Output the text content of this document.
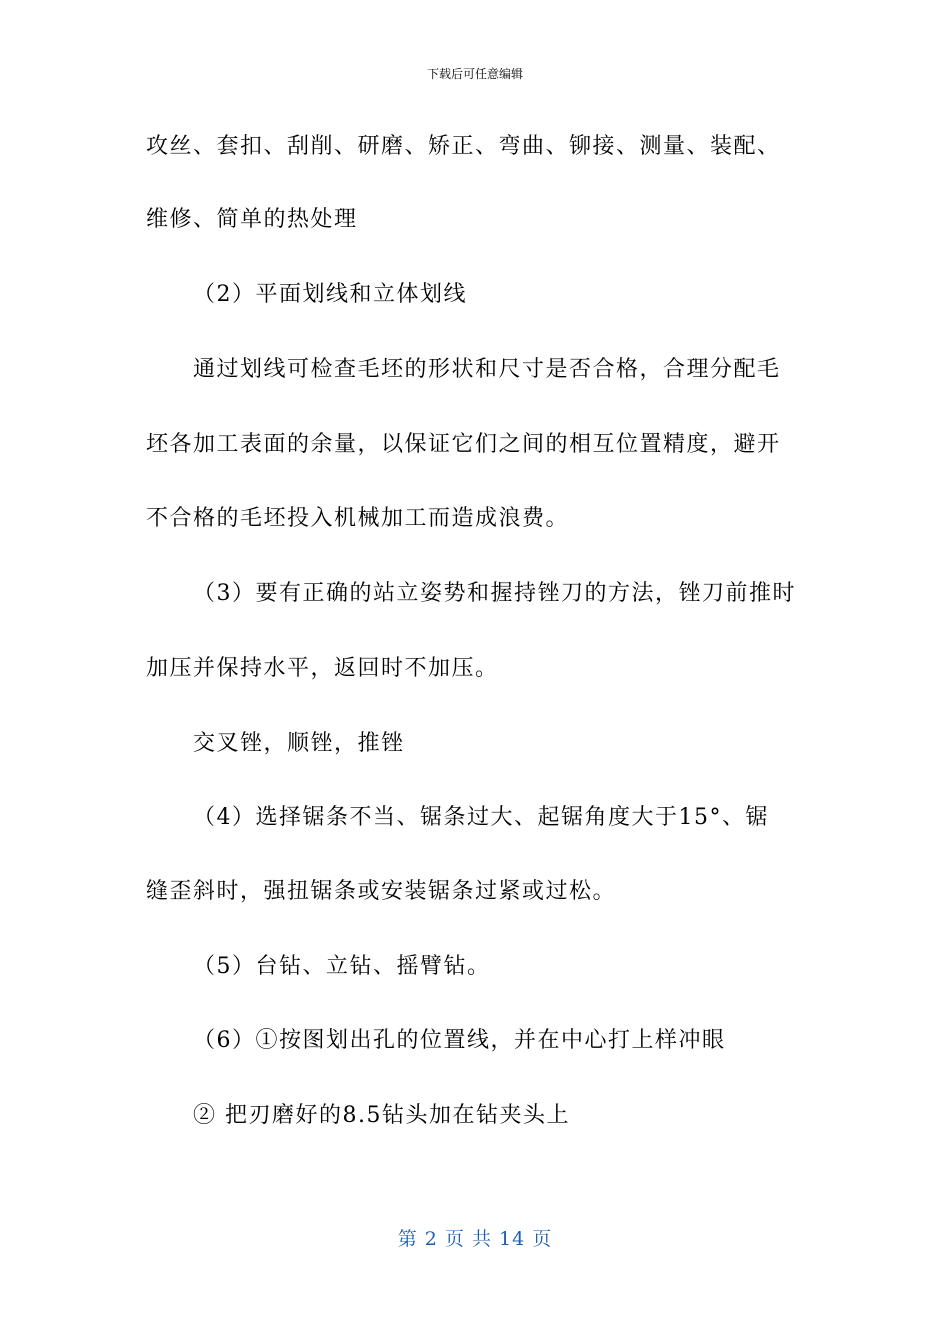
下载后可任意编辑
攻丝、套扣、刮削、研磨、矫正、弯曲、铆接、测量、装配、
维修、简单的热处理
（2）平面划线和立体划线
通过划线可检查毛坯的形状和尺寸是否合格，合理分配毛
坯各加工表面的余量，以保证它们之间的相互位置精度，避开
不合格的毛坯投入机械加工而造成浪费。
（3）要有正确的站立姿势和握持锉刀的方法，锉刀前推时
加压并保持水平，返回时不加压。
交叉锉，顺锉，推锉
（4）选择锯条不当、锯条过大、起锯角度大于15°、锯
缝歪斜时，强扭锯条或安装锯条过紧或过松。
（5）台钻、立钻、摇臂钻。
（6）①按图划出孔的位置线，并在中心打上样冲眼
② 把刃磨好的8.5钻头加在钻夹头上
第 2 页 共 14 页
